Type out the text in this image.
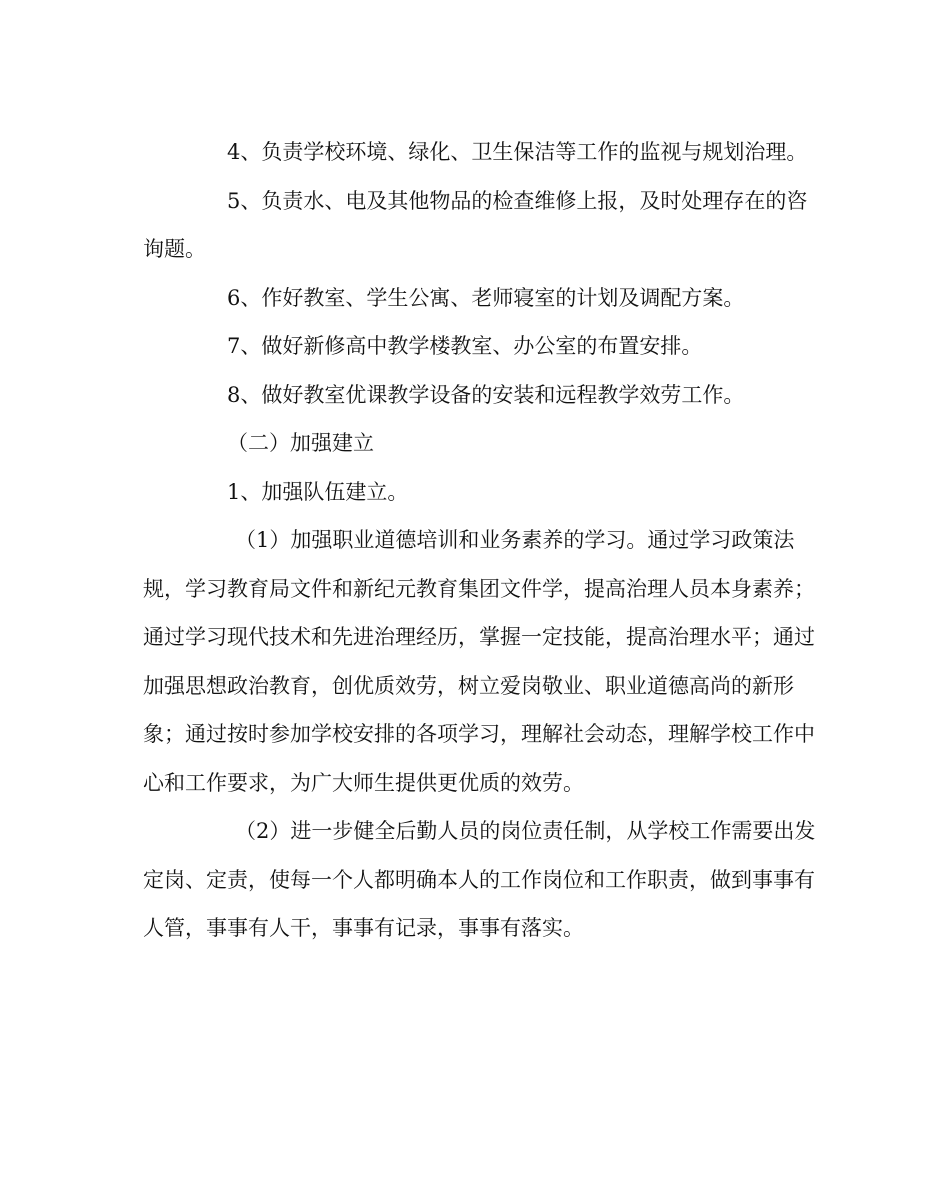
4、负责学校环境、绿化、卫生保洁等工作的监视与规划治理。

5、负责水、电及其他物品的检查维修上报，及时处理存在的咨询题。

6、作好教室、学生公寓、老师寝室的计划及调配方案。

7、做好新修高中教学楼教室、办公室的布置安排。

8、做好教室优课教学设备的安装和远程教学效劳工作。

（二）加强建立

1、加强队伍建立。

（1）加强职业道德培训和业务素养的学习。通过学习政策法规，学习教育局文件和新纪元教育集团文件学，提高治理人员本身素养；通过学习现代技术和先进治理经历，掌握一定技能，提高治理水平；通过加强思想政治教育，创优质效劳，树立爱岗敬业、职业道德高尚的新形象；通过按时参加学校安排的各项学习，理解社会动态，理解学校工作中心和工作要求，为广大师生提供更优质的效劳。

（2）进一步健全后勤人员的岗位责任制，从学校工作需要出发定岗、定责，使每一个人都明确本人的工作岗位和工作职责，做到事事有人管，事事有人干，事事有记录，事事有落实。
